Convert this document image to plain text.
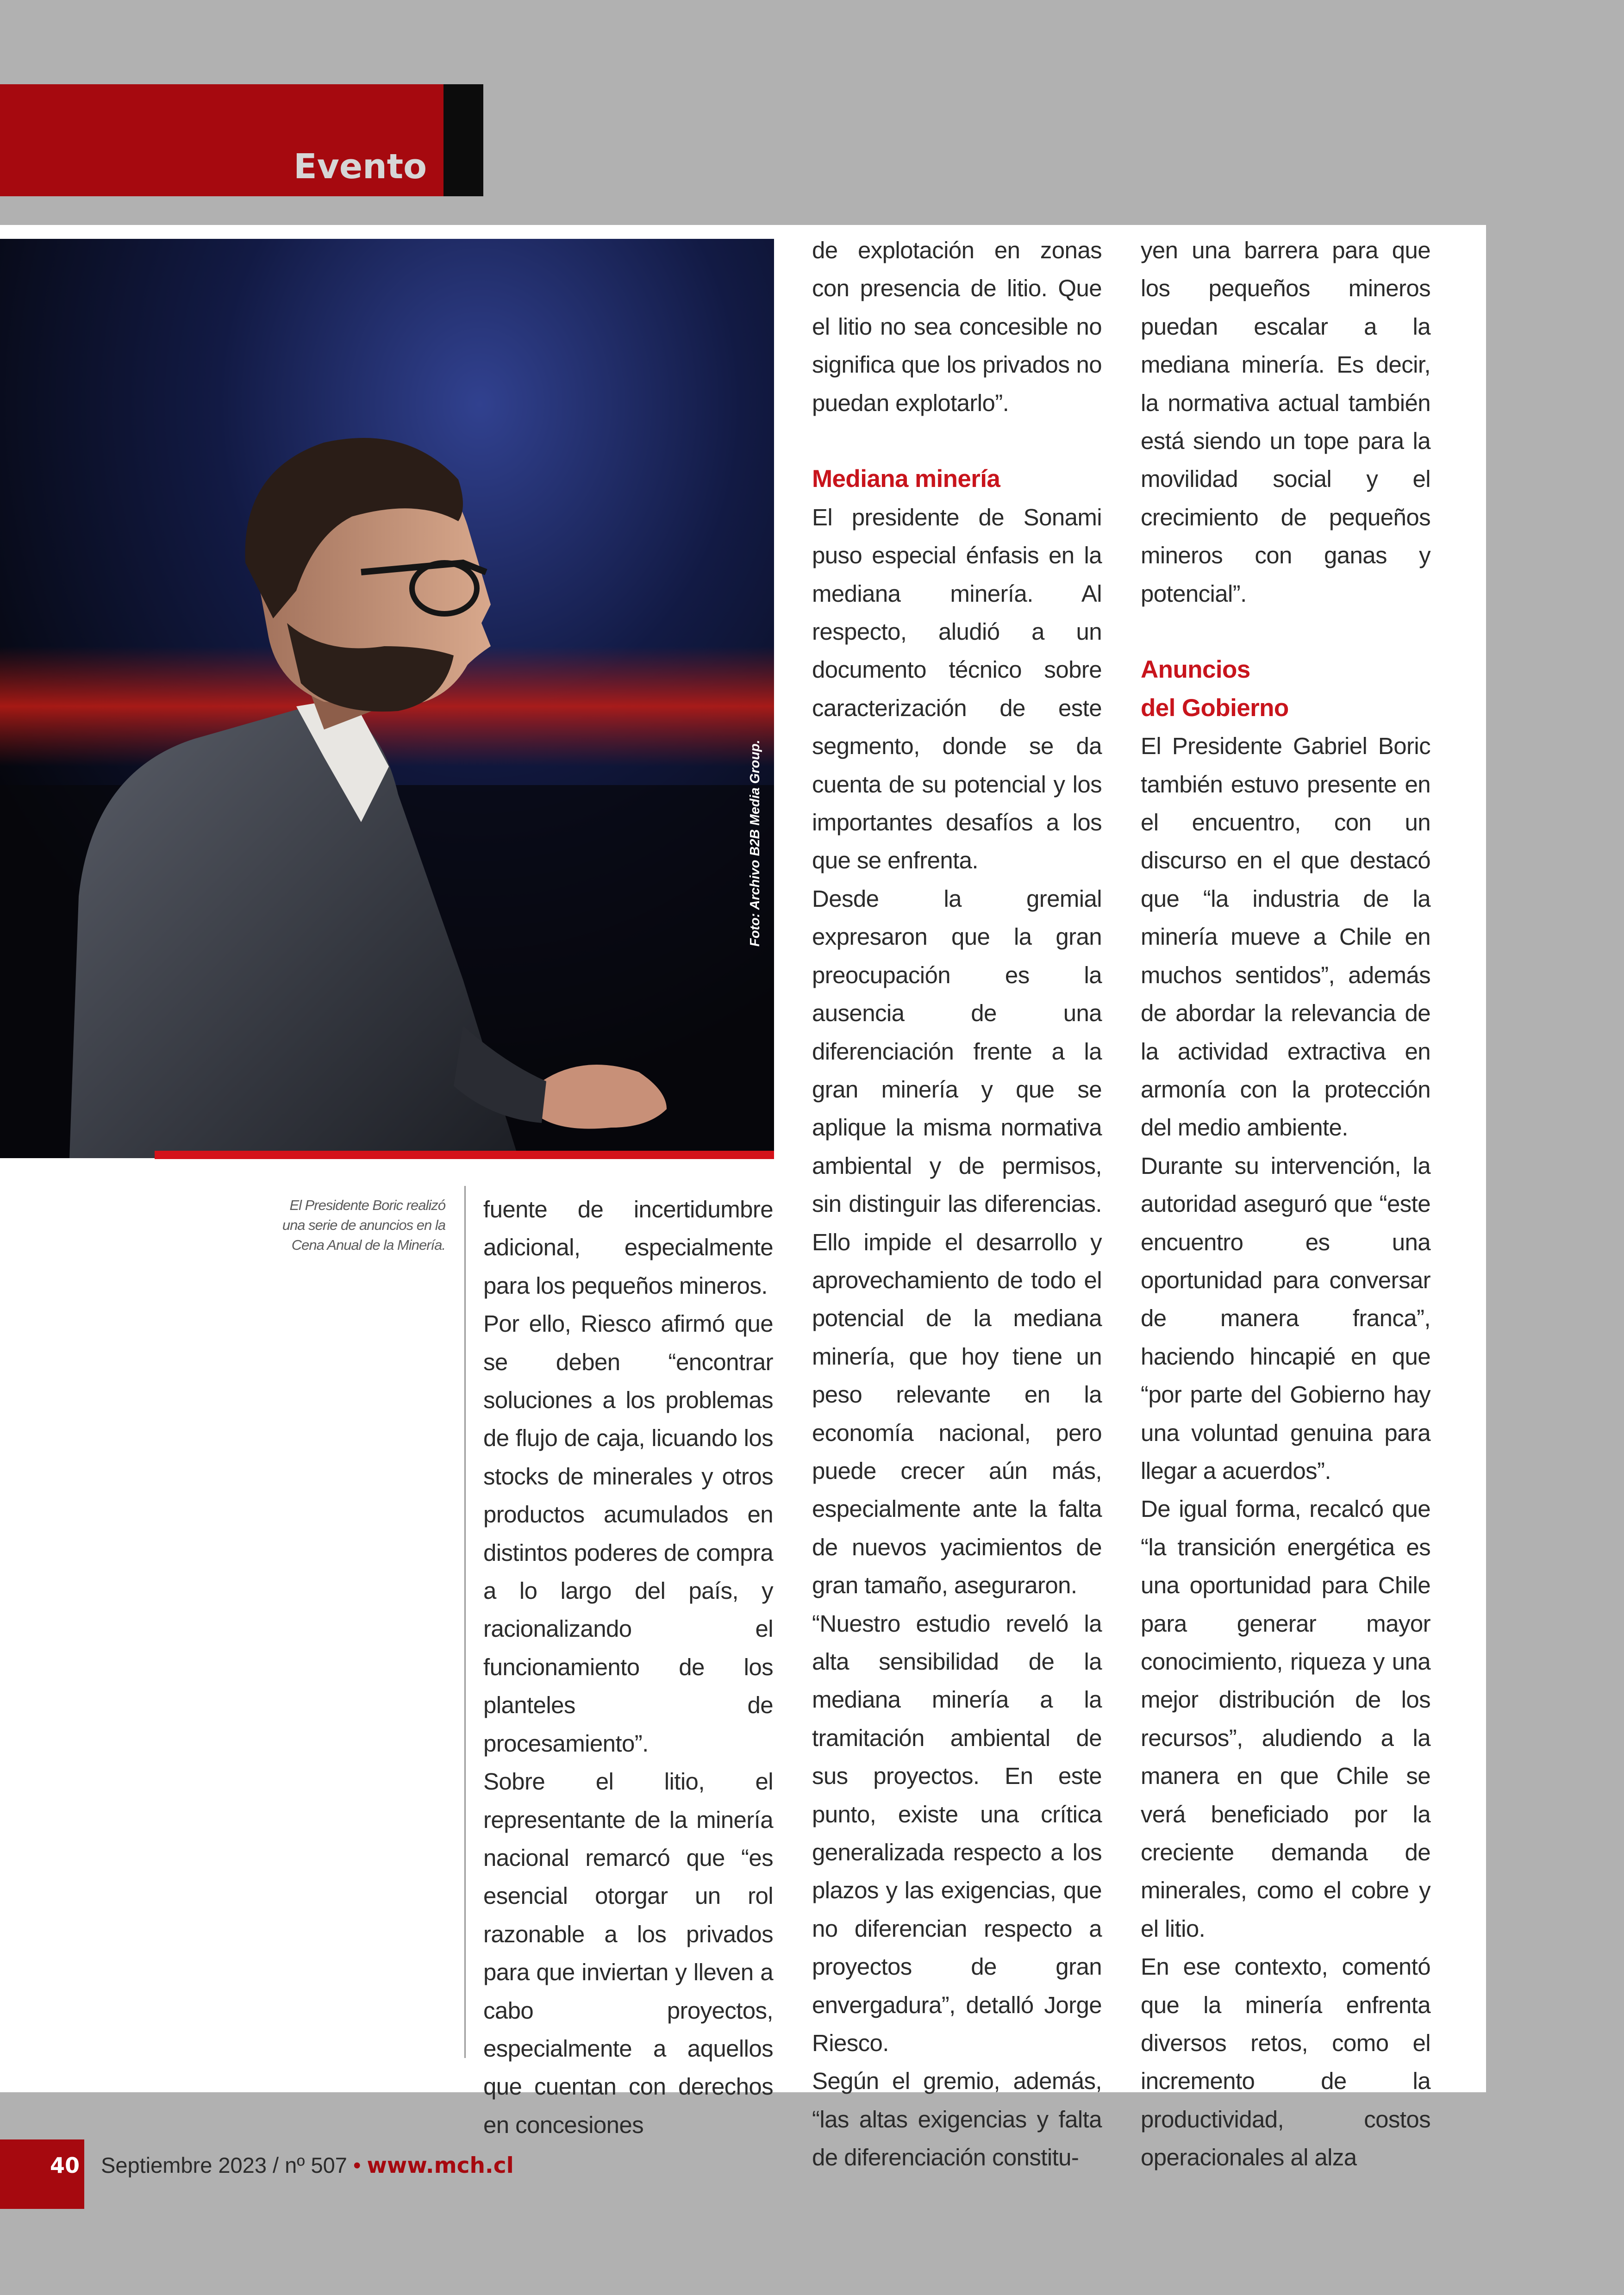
Evento
Foto: Archivo B2B Media Group.
El Presidente Boric realizó
una serie de anuncios en la
Cena Anual de la Minería.

fuente de incertidumbre adicional, especialmente para los pequeños mineros.

Por ello, Riesco afirmó que se deben “encontrar soluciones a los problemas de flujo de caja, licuando los stocks de minerales y otros productos acumulados en distintos poderes de compra a lo largo del país, y racionalizando el funcionamiento de los planteles de procesamiento”.

Sobre el litio, el representante de la minería nacional remarcó que “es esencial otorgar un rol razonable a los privados para que inviertan y lleven a cabo proyectos, especialmente a aquellos que cuentan con derechos en concesiones

de explotación en zonas con presencia de litio. Que el litio no sea concesible no significa que los privados no puedan explotarlo”.

Mediana minería

El presidente de Sonami puso especial énfasis en la mediana minería. Al respecto, aludió a un documento técnico sobre caracterización de este segmento, donde se da cuenta de su potencial y los importantes desafíos a los que se enfrenta.

Desde la gremial expresaron que la gran preocupación es la ausencia de una diferenciación frente a la gran minería y que se aplique la misma normativa ambiental y de permisos, sin distinguir las diferencias. Ello impide el desarrollo y aprovechamiento de todo el potencial de la mediana minería, que hoy tiene un peso relevante en la economía nacional, pero puede crecer aún más, especialmente ante la falta de nuevos yacimientos de gran tamaño, aseguraron.

“Nuestro estudio reveló la alta sensibilidad de la mediana minería a la tramitación ambiental de sus proyectos. En este punto, existe una crítica generalizada respecto a los plazos y las exigencias, que no diferencian respecto a proyectos de gran envergadura”, detalló Jorge Riesco.

Según el gremio, además, “las altas exigencias y falta de diferenciación constitu-

yen una barrera para que los pequeños mineros puedan escalar a la mediana minería. Es decir, la normativa actual también está siendo un tope para la movilidad social y el crecimiento de pequeños mineros con ganas y potencial”.

Anuncios
del Gobierno

El Presidente Gabriel Boric también estuvo presente en el encuentro, con un discurso en el que destacó que “la industria de la minería mueve a Chile en muchos sentidos”, además de abordar la relevancia de la actividad extractiva en armonía con la protección del medio ambiente.

Durante su intervención, la autoridad aseguró que “este encuentro es una oportunidad para conversar de manera franca”, haciendo hincapié en que “por parte del Gobierno hay una voluntad genuina para llegar a acuerdos”.

De igual forma, recalcó que “la transición energética es una oportunidad para Chile para generar mayor conocimiento, riqueza y una mejor distribución de los recursos”, aludiendo a la manera en que Chile se verá beneficiado por la creciente demanda de minerales, como el cobre y el litio.

En ese contexto, comentó que la minería enfrenta diversos retos, como el incremento de la productividad, costos operacionales al alza

40 Septiembre 2023 / nº 507 • www.mch.cl
